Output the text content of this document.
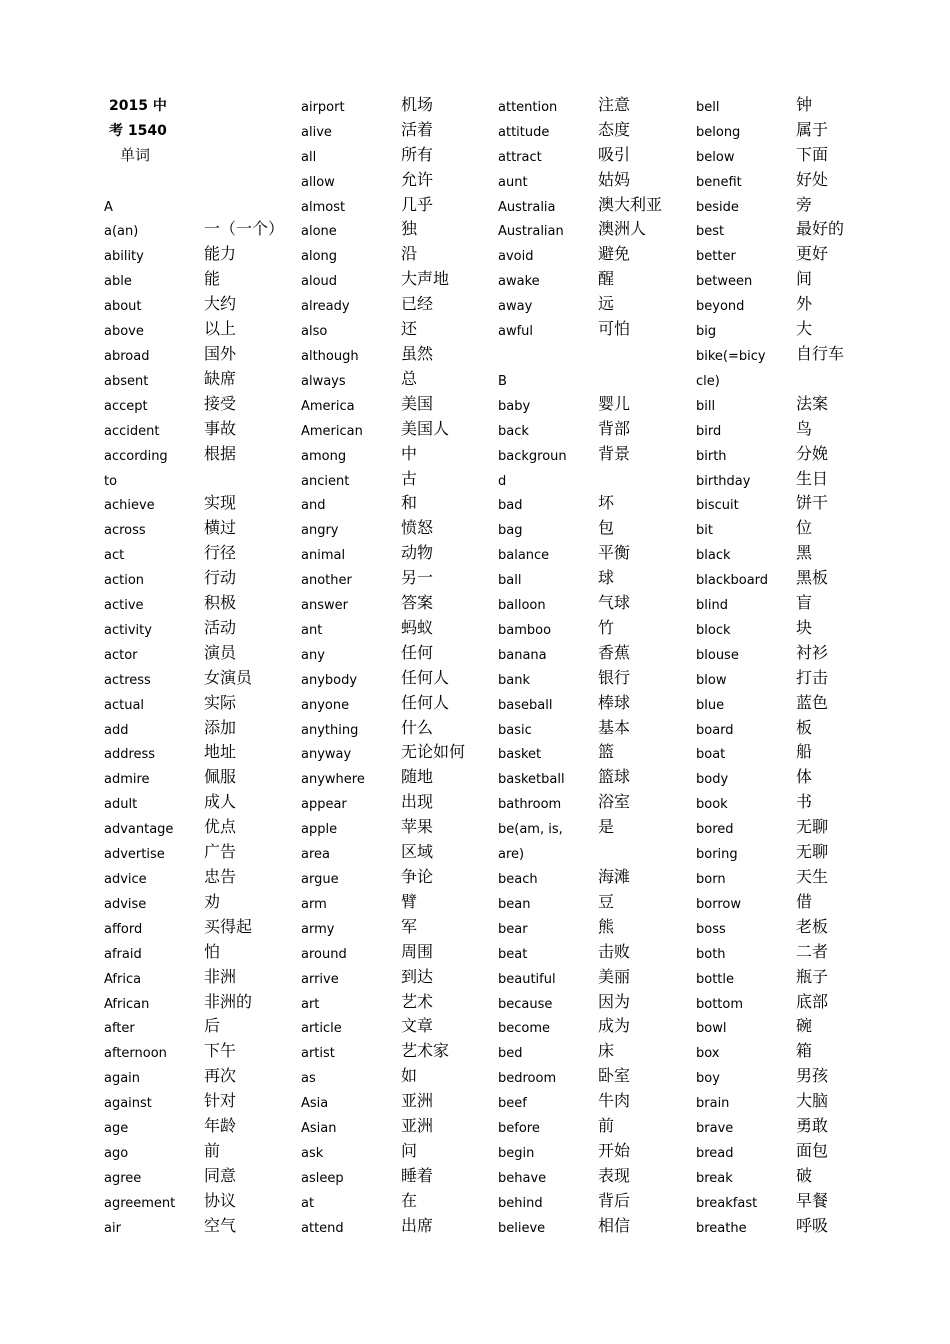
2015 中
考 1540
单词
A
a(an)	一（一个）
ability	能力
able	能
about	大约
above	以上
abroad	国外
absent	缺席
accept	接受
accident	事故
according 根据
to
achieve	实现
across	横过
act	行径
action	行动
active	积极
activity	活动
actor	演员
actress	女演员
actual	实际
add	添加
address	地址
admire	佩服
adult	成人
advantage 优点
advertise 广告
advice	忠告
advise	劝
afford	买得起
afraid	怕
Africa	非洲
African	非洲的
after	后
afternoon 下午
again	再次
against	针对
age	年龄
ago	前
agree	同意
agreement 协议
air	空气
airport	机场
alive	活着
all	所有
allow	允许
almost	几乎
alone	独
along	沿
aloud	大声地
already	已经
also	还
although	虽然
always	总
America	美国
American 美国人
among	中
ancient	古
and	和
angry	愤怒
animal	动物
another	另一
answer	答案
ant	蚂蚁
any	任何
anybody	任何人
anyone	任何人
anything	什么
anyway	无论如何
anywhere 随地
appear	出现
apple	苹果
area	区域
argue	争论
arm	臂
army	军
around	周围
arrive	到达
art	艺术
article	文章
artist	艺术家
as	如
Asia	亚洲
Asian	亚洲
ask	问
asleep	睡着
at	在
attend	出席
attention	注意
attitude	态度
attract	吸引
aunt	姑妈
Australia	澳大利亚
Australian 澳洲人
avoid	避免
awake	醒
away	远
awful	可怕
B
baby	婴儿
back	背部
backgroun 背景
d
bad	坏
bag	包
balance	平衡
ball	球
balloon	气球
bamboo	竹
banana	香蕉
bank	银行
baseball	棒球
basic	基本
basket	篮
basketball 篮球
bathroom 浴室
be(am, is, 是
are)
beach	海滩
bean	豆
bear	熊
beat	击败
beautiful	美丽
because	因为
become	成为
bed	床
bedroom	卧室
beef	牛肉
before	前
begin	开始
behave	表现
behind	背后
believe	相信
bell	钟
belong	属于
below	下面
benefit	好处
beside	旁
best	最好的
better	更好
between	间
beyond	外
big	大
bike(=bicy 自行车
cle)
bill	法案
bird	鸟
birth	分娩
birthday	生日
biscuit	饼干
bit	位
black	黑
blackboard 黑板
blind	盲
block	块
blouse	衬衫
blow	打击
blue	蓝色
board	板
boat	船
body	体
book	书
bored	无聊
boring	无聊
born	天生
borrow	借
boss	老板
both	二者
bottle	瓶子
bottom	底部
bowl	碗
box	箱
boy	男孩
brain	大脑
brave	勇敢
bread	面包
break	破
breakfast 早餐
breathe	呼吸
